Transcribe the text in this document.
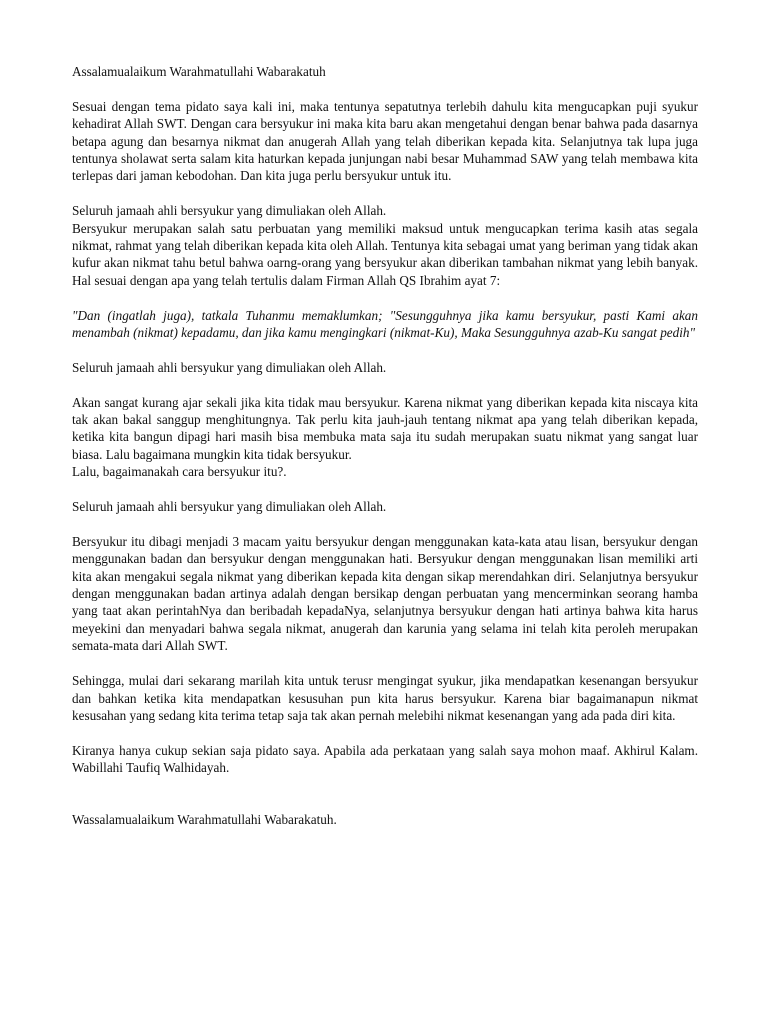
Assalamualaikum Warahmatullahi Wabarakatuh

Sesuai dengan tema pidato saya kali ini, maka tentunya sepatutnya terlebih dahulu kita mengucapkan puji syukur kehadirat Allah SWT. Dengan cara bersyukur ini maka kita baru akan mengetahui dengan benar bahwa pada dasarnya betapa agung dan besarnya nikmat dan anugerah Allah yang telah diberikan kepada kita. Selanjutnya tak lupa juga tentunya sholawat serta salam kita haturkan kepada junjungan nabi besar Muhammad SAW yang telah membawa kita terlepas dari jaman kebodohan. Dan kita juga perlu bersyukur untuk itu.

Seluruh jamaah ahli bersyukur yang dimuliakan oleh Allah.

Bersyukur merupakan salah satu perbuatan yang memiliki maksud untuk mengucapkan terima kasih atas segala nikmat, rahmat yang telah diberikan kepada kita oleh Allah. Tentunya kita sebagai umat yang beriman yang tidak akan kufur akan nikmat tahu betul bahwa oarng-orang yang bersyukur akan diberikan tambahan nikmat yang lebih banyak. Hal sesuai dengan apa yang telah tertulis dalam Firman Allah QS Ibrahim ayat 7:

"Dan (ingatlah juga), tatkala Tuhanmu memaklumkan; "Sesungguhnya jika kamu bersyukur, pasti Kami akan menambah (nikmat) kepadamu, dan jika kamu mengingkari (nikmat-Ku), Maka Sesungguhnya azab-Ku sangat pedih"

Seluruh jamaah ahli bersyukur yang dimuliakan oleh Allah.

Akan sangat kurang ajar sekali jika kita tidak mau bersyukur. Karena nikmat yang diberikan kepada kita niscaya kita tak akan bakal sanggup menghitungnya. Tak perlu kita jauh-jauh tentang nikmat apa yang telah diberikan kepada, ketika kita bangun dipagi hari masih bisa membuka mata saja itu sudah merupakan suatu nikmat yang sangat luar biasa. Lalu bagaimana mungkin kita tidak bersyukur.

Lalu, bagaimanakah cara bersyukur itu?.

Seluruh jamaah ahli bersyukur yang dimuliakan oleh Allah.

Bersyukur itu dibagi menjadi 3 macam yaitu bersyukur dengan menggunakan kata-kata atau lisan, bersyukur dengan menggunakan badan dan bersyukur dengan menggunakan hati. Bersyukur dengan menggunakan lisan memiliki arti kita akan mengakui segala nikmat yang diberikan kepada kita dengan sikap merendahkan diri. Selanjutnya bersyukur dengan menggunakan badan artinya adalah dengan bersikap dengan perbuatan yang mencerminkan seorang hamba yang taat akan perintahNya dan beribadah kepadaNya, selanjutnya bersyukur dengan hati artinya bahwa kita harus meyekini dan menyadari bahwa segala nikmat, anugerah dan karunia yang selama ini telah kita peroleh merupakan semata-mata dari Allah SWT.

Sehingga, mulai dari sekarang marilah kita untuk terusr mengingat syukur, jika mendapatkan kesenangan bersyukur dan bahkan ketika kita mendapatkan kesusuhan pun kita harus bersyukur. Karena biar bagaimanapun nikmat kesusahan yang sedang kita terima tetap saja tak akan pernah melebihi nikmat kesenangan yang ada pada diri kita.

Kiranya hanya cukup sekian saja pidato saya. Apabila ada perkataan yang salah saya mohon maaf. Akhirul Kalam. Wabillahi Taufiq Walhidayah.

Wassalamualaikum Warahmatullahi Wabarakatuh.
